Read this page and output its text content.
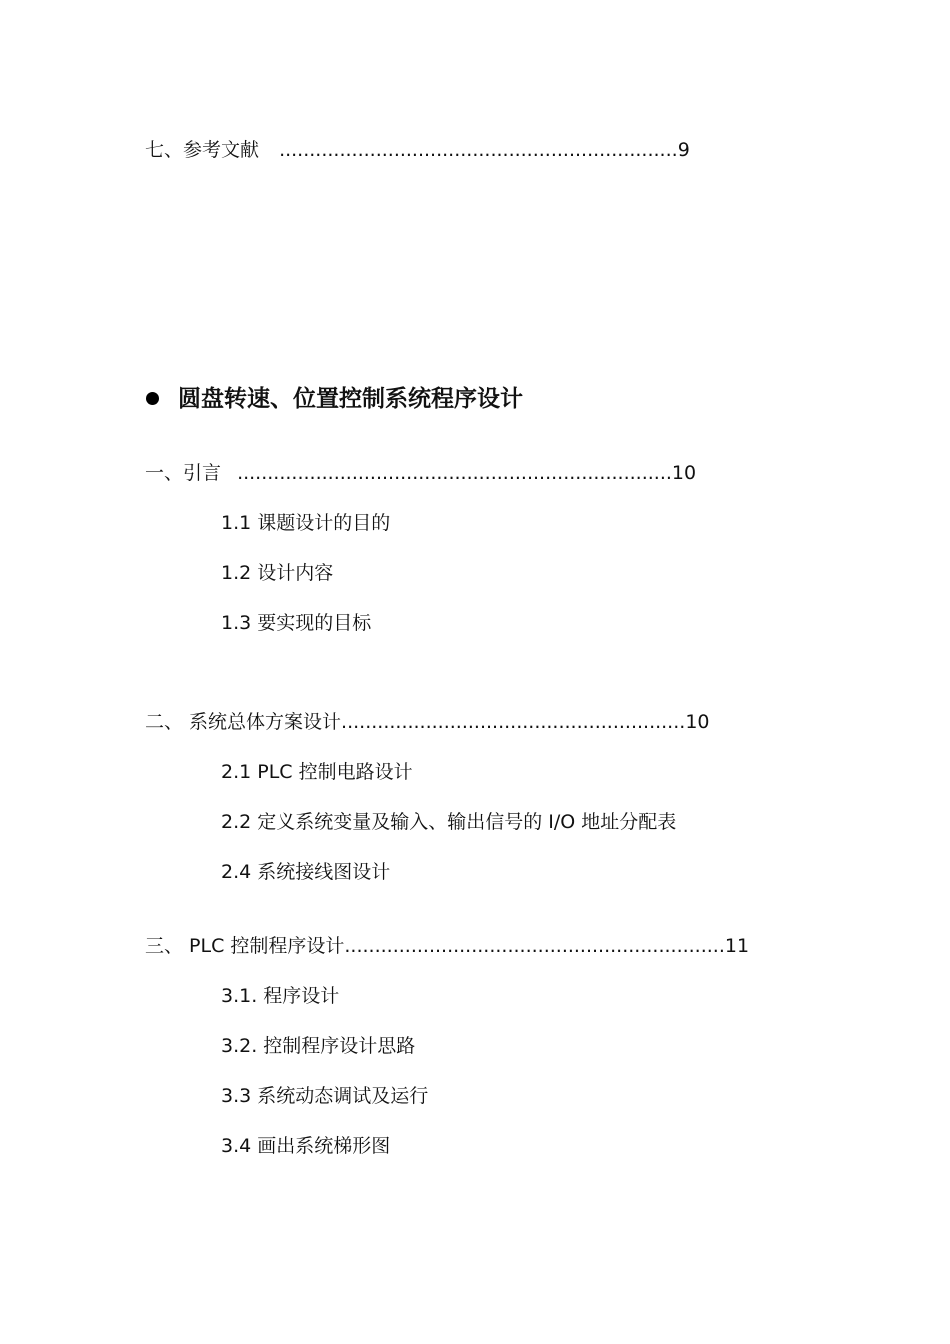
七、参考文献 ..................................................................9
圆盘转速、位置控制系统程序设计
一、引言 ........................................................................10
1.1 课题设计的目的
1.2 设计内容
1.3 要实现的目标
二、 系统总体方案设计.........................................................10
2.1 PLC 控制电路设计
2.2 定义系统变量及输入、输出信号的 I/O 地址分配表
2.4 系统接线图设计
三、 PLC 控制程序设计...............................................................11
3.1. 程序设计
3.2. 控制程序设计思路
3.3 系统动态调试及运行
3.4 画出系统梯形图
